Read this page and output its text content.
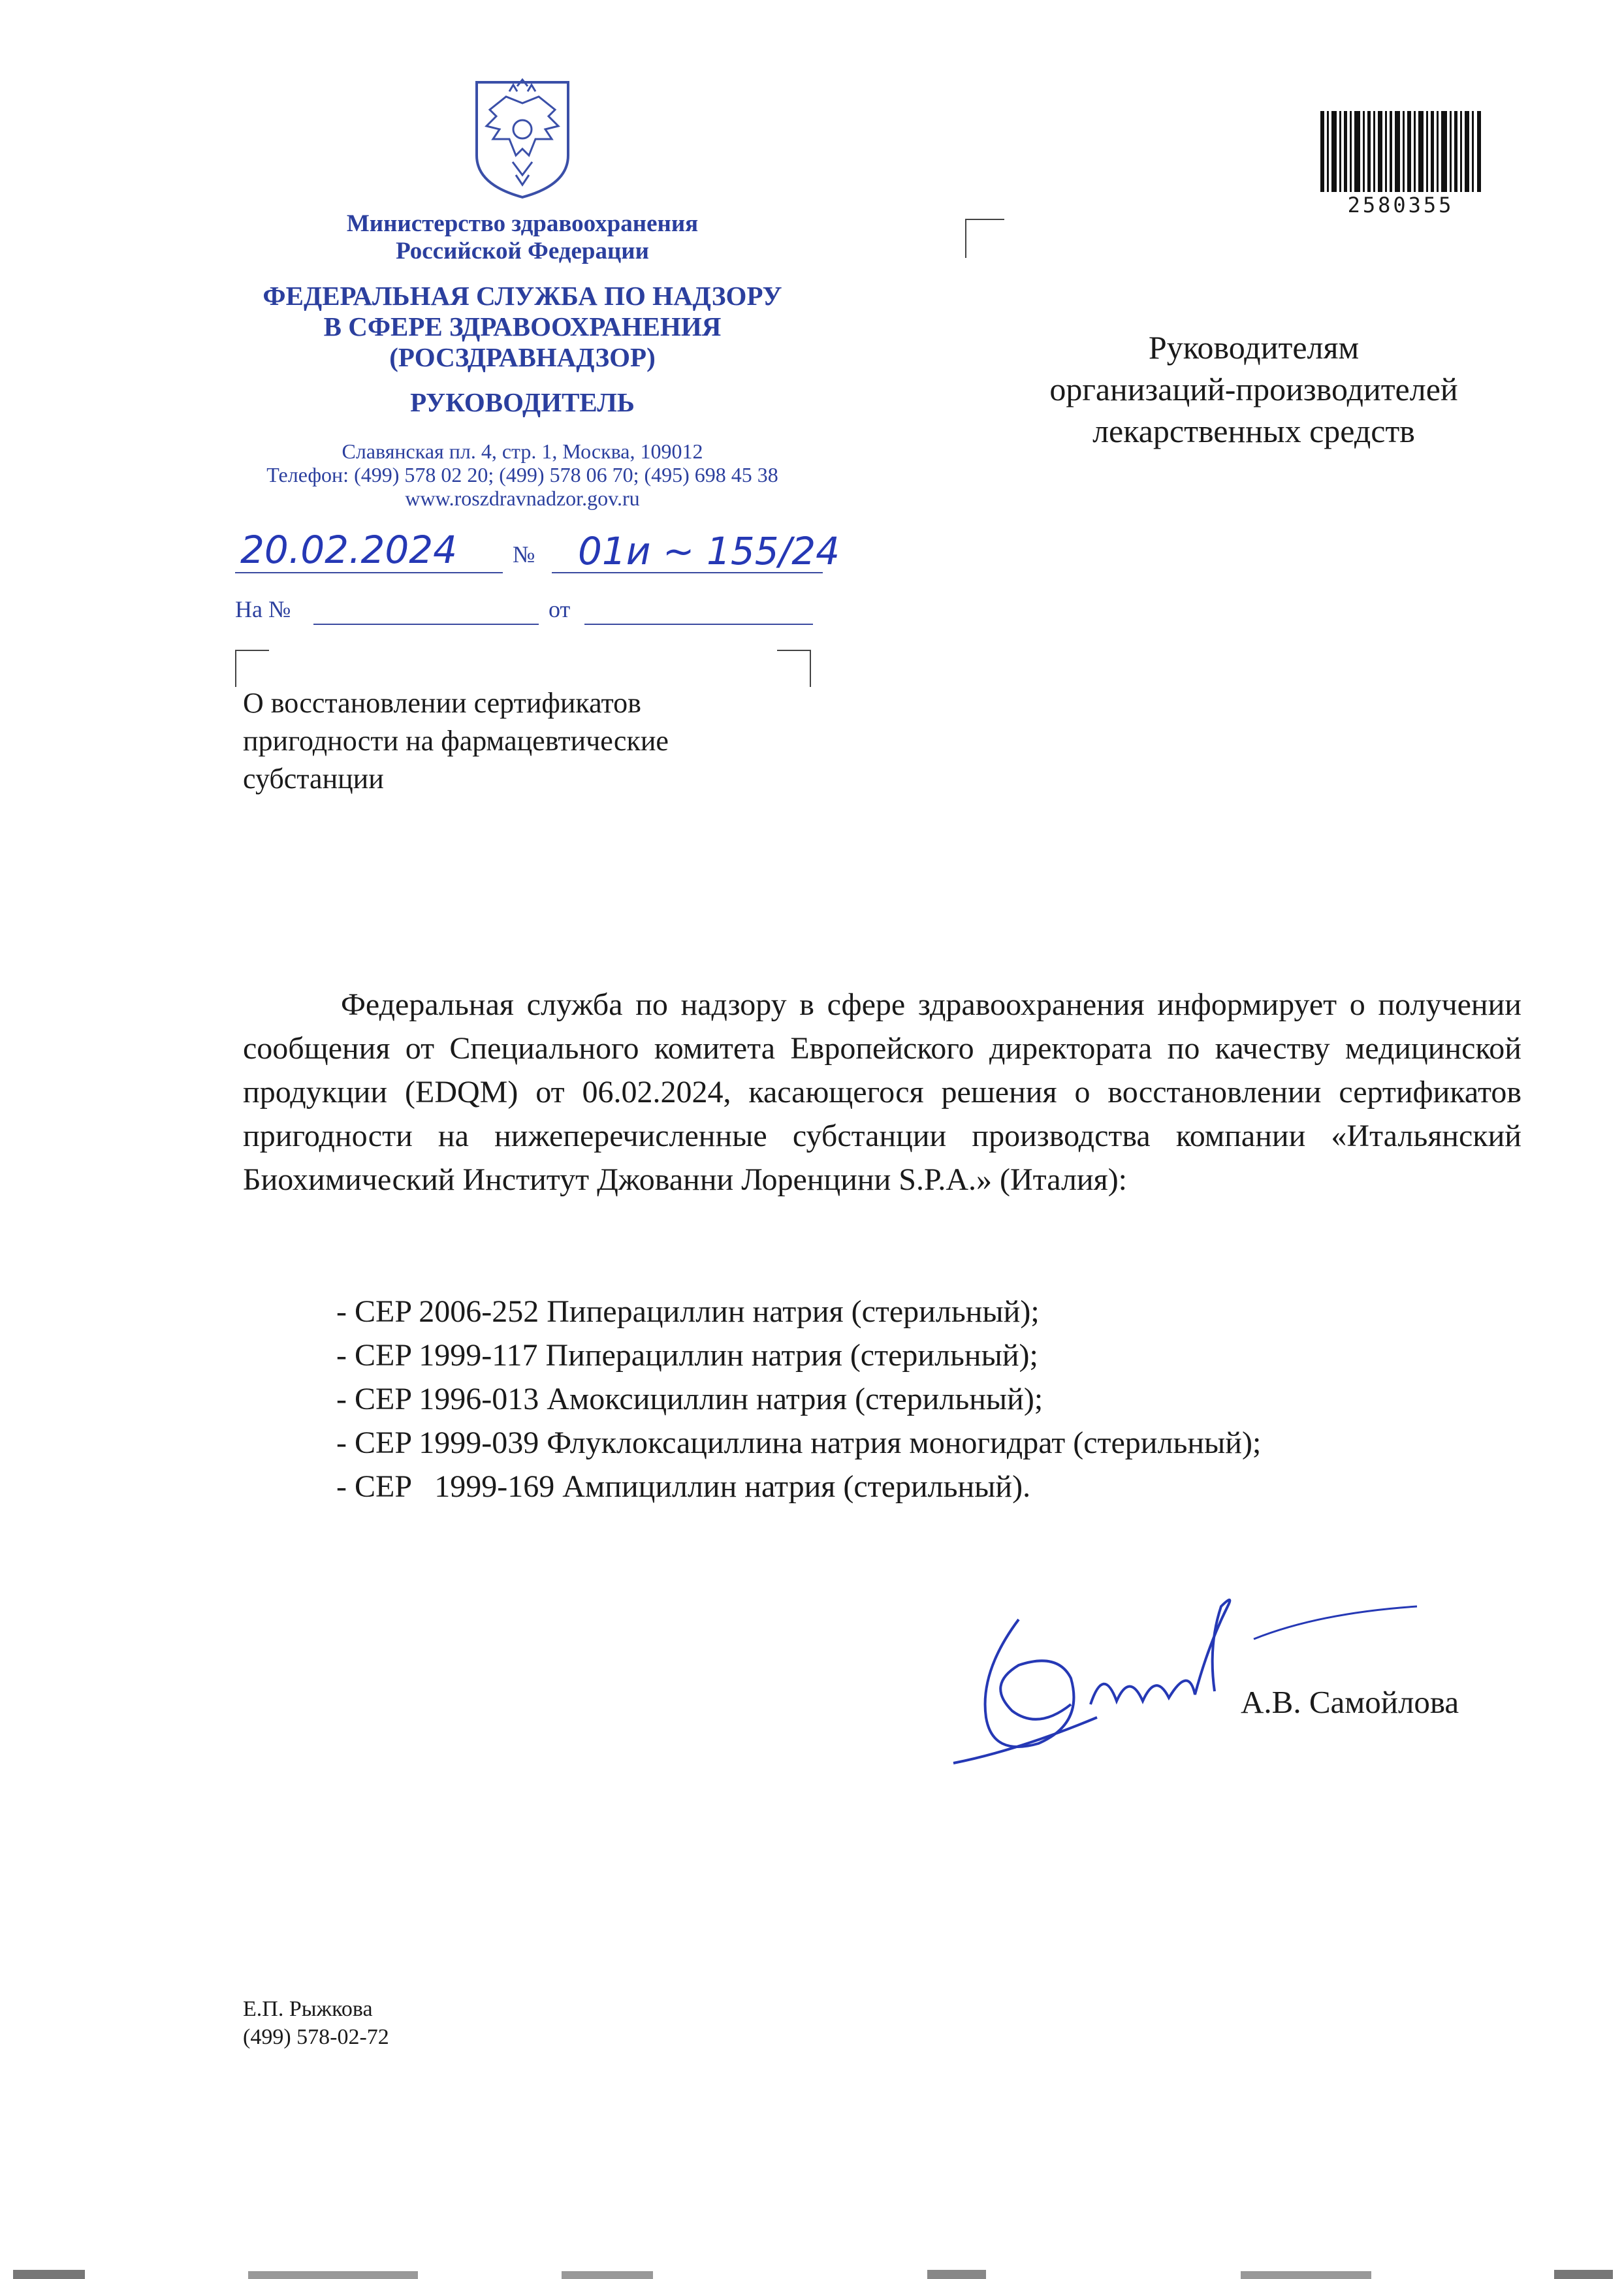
Министерство здравоохранения
Российской Федерации
ФЕДЕРАЛЬНАЯ СЛУЖБА ПО НАДЗОРУ
В СФЕРЕ ЗДРАВООХРАНЕНИЯ
(РОСЗДРАВНАДЗОР)
РУКОВОДИТЕЛЬ
Славянская пл. 4, стр. 1, Москва, 109012
Телефон: (499) 578 02 20; (499) 578 06 70; (495) 698 45 38
www.roszdravnadzor.gov.ru
20.02.2024 № 01и ~ 155/24
На №	от
О восстановлении сертификатов
пригодности на фармацевтические
субстанции
2580355
Руководителям
организаций-производителей
лекарственных средств

Федеральная служба по надзору в сфере здравоохранения информирует о получении сообщения от Специального комитета Европейского директората по качеству медицинской продукции (EDQM) от 06.02.2024, касающегося решения о восстановлении сертификатов пригодности на нижеперечисленные субстанции производства компании «Итальянский Биохимический Институт Джованни Лоренцини S.P.A.» (Италия):

- CEP 2006-252 Пиперациллин натрия (стерильный);
- CEP 1999-117 Пиперациллин натрия (стерильный);
- CEP 1996-013 Амоксициллин натрия (стерильный);
- CEP 1999-039 Флуклоксациллина натрия моногидрат (стерильный);
- CEP   1999-169 Ампициллин натрия (стерильный).
А.В. Самойлова
Е.П. Рыжкова
(499) 578-02-72
